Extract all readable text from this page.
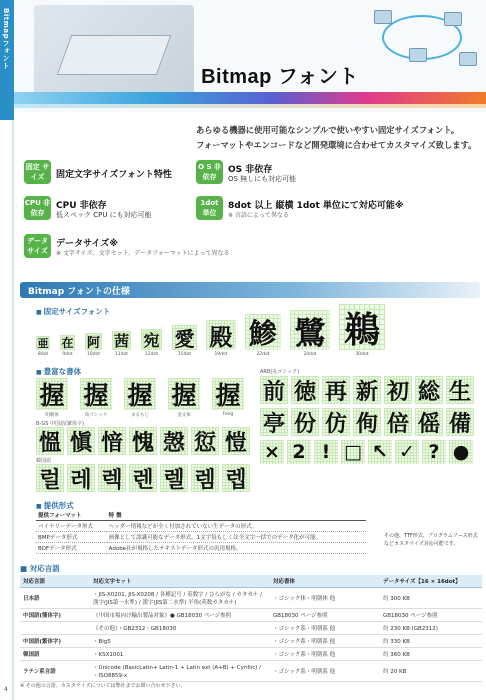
Bitmapフォント
Bitmap フォント
あらゆる機器に使用可能なシンプルで使いやすい固定サイズフォント。
フォーマットやエンコードなど開発環境に合わせてカスタマイズ致します。
固定 サイズ	固定文字サイズフォント特性
O S 非依存
OS 非依存
OS 無しにも対応可能
CPU 非依存
CPU 非依存
低スペック CPU にも対応可能
1dot 単位
8dot 以上 縦横 1dot 単位にて対応可能※
※ 言語によって異なる
データ サイズ
データサイズ※
※ 文字サイズ、文字セット、データフォーマットによって異なる
Bitmap フォントの仕様
■ 固定サイズフォント
亜
8dot
在
9dot
阿
10dot
茜
11dot
宛
12dot
愛
15dot
殿
19dot
鯵
22dot
鷺
24dot
鵜
30dot
■ 豊富な書体
握
明朝体
握
角ゴシック
握
まるもじ
握
金文体
握
Fang
ARB(丸ゴシック)
前 徳 再 新 初 総 生
亭 份 仿 侚 倍 傜 備
× 2 ! □ ↖ ✓ ? ●
B-GS 中国語(繁体字)
慍 愼 愔 愧 愨 愆 愷
韓国語
럴 레 렉 렌 렐 렘 렙
■ 提供形式
提供フォーマット	特 徴
バイナリーデータ形式	ヘッダー情報などが全く付加されていない生データの形式。
BMPデータ形式	画像として認識可能なデータ形式。1文字毎もしくは全文字一括でのデータ化が可能。
BDFデータ形式	Adobe社が規格したテキストデータ形式の汎用規格。
その他、TTF形式、プログラムソース形式などカスタマイズ対応可能です。
■ 対応言語
対応言語	対応文字セット	対応書体	データサイズ【16 × 16dot】
日本語	・JIS-X0201, JIS-X0208 / 各種記号 / 英数字 / ひらがな / カタカナ / 漢字(JIS第一水準) / 漢字(JIS第二水準) 半角(英数カタカナ)	・ゴシック体・明朝体 他	約 300 KB
中国語(簡体字)	《中国市場向け輸出製品対象》● GB18030 ページ参照	GB18030 ページ参照	GB18030 ページ参照
	《その他》・GB2312・GB18030	・ゴシック系・明朝系 他	約 230 KB (GB2312)
中国語(繁体字)	・Big5	・ゴシック系・明朝系 他	約 330 KB
韓国語	・KSX1001	・ゴシック系・明朝系 他	約 360 KB
ラテン系言語	・Unicode (BasicLatin+ Latin-1 + Latin ext (A+B) + Cyrillic) / ・ISO8859-x	・ゴシック系・明朝系 他	約 20 KB
※ その他の言語、カスタマイズについては弊社までお問い合わせ下さい。
4
